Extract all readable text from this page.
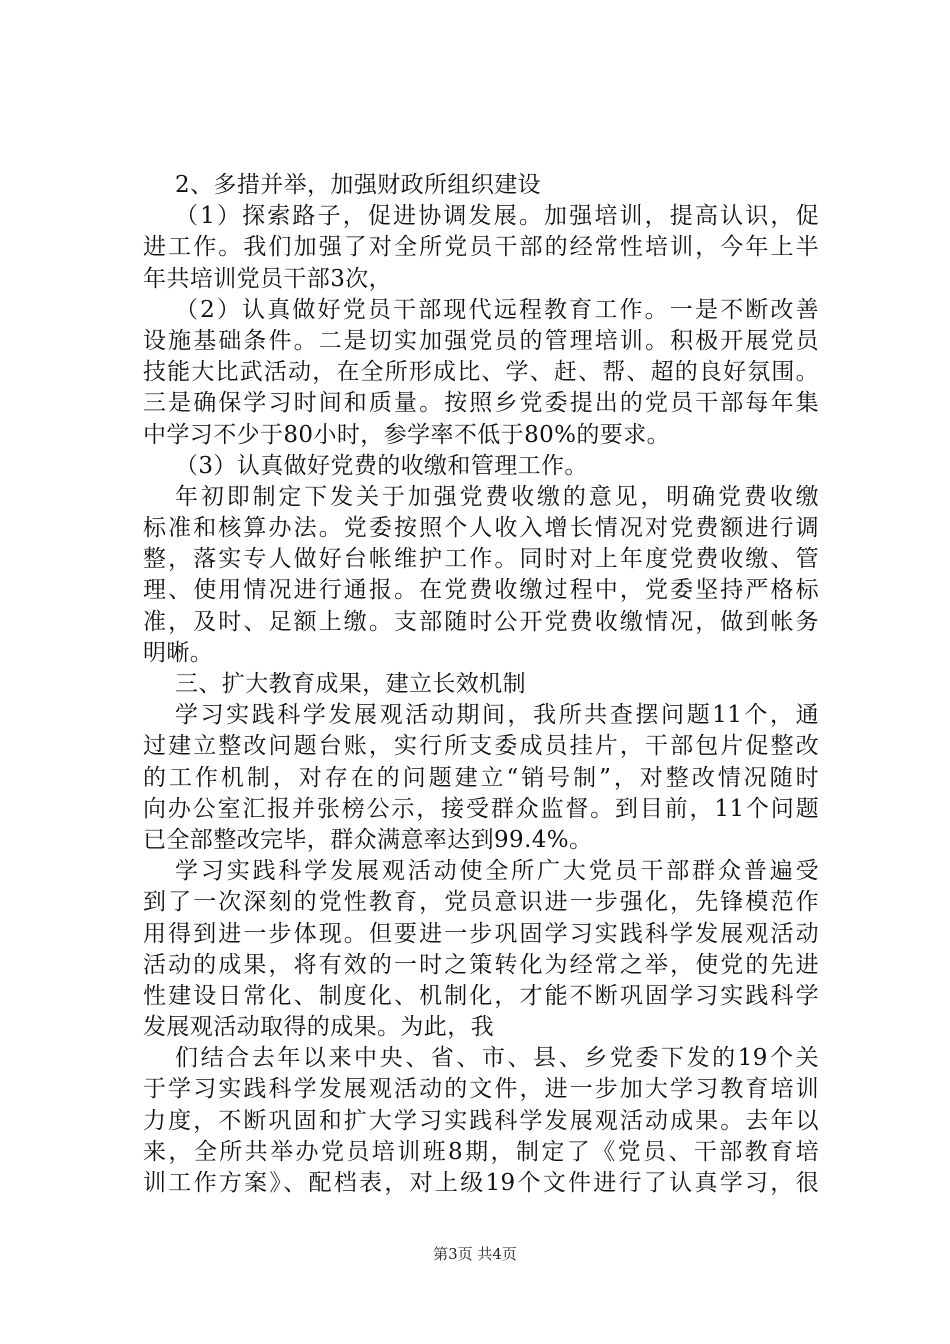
2、多措并举，加强财政所组织建设
（1）探索路子，促进协调发展。加强培训，提高认识，促
进工作。我们加强了对全所党员干部的经常性培训，今年上半
年共培训党员干部3次，
（2）认真做好党员干部现代远程教育工作。一是不断改善
设施基础条件。二是切实加强党员的管理培训。积极开展党员
技能大比武活动，在全所形成比、学、赶、帮、超的良好氛围。
三是确保学习时间和质量。按照乡党委提出的党员干部每年集
中学习不少于80小时，参学率不低于80%的要求。
（3）认真做好党费的收缴和管理工作。
年初即制定下发关于加强党费收缴的意见，明确党费收缴
标准和核算办法。党委按照个人收入增长情况对党费额进行调
整，落实专人做好台帐维护工作。同时对上年度党费收缴、管
理、使用情况进行通报。在党费收缴过程中，党委坚持严格标
准，及时、足额上缴。支部随时公开党费收缴情况，做到帐务
明晰。
三、扩大教育成果，建立长效机制
学习实践科学发展观活动期间，我所共查摆问题11个，通
过建立整改问题台账，实行所支委成员挂片，干部包片促整改
的工作机制，对存在的问题建立“销号制”，对整改情况随时
向办公室汇报并张榜公示，接受群众监督。到目前，11个问题
已全部整改完毕，群众满意率达到99.4%。
学习实践科学发展观活动使全所广大党员干部群众普遍受
到了一次深刻的党性教育，党员意识进一步强化，先锋模范作
用得到进一步体现。但要进一步巩固学习实践科学发展观活动
活动的成果，将有效的一时之策转化为经常之举，使党的先进
性建设日常化、制度化、机制化，才能不断巩固学习实践科学
发展观活动取得的成果。为此，我
们结合去年以来中央、省、市、县、乡党委下发的19个关
于学习实践科学发展观活动的文件，进一步加大学习教育培训
力度，不断巩固和扩大学习实践科学发展观活动成果。去年以
来，全所共举办党员培训班8期，制定了《党员、干部教育培
训工作方案》、配档表，对上级19个文件进行了认真学习，很
第3页 共4页
